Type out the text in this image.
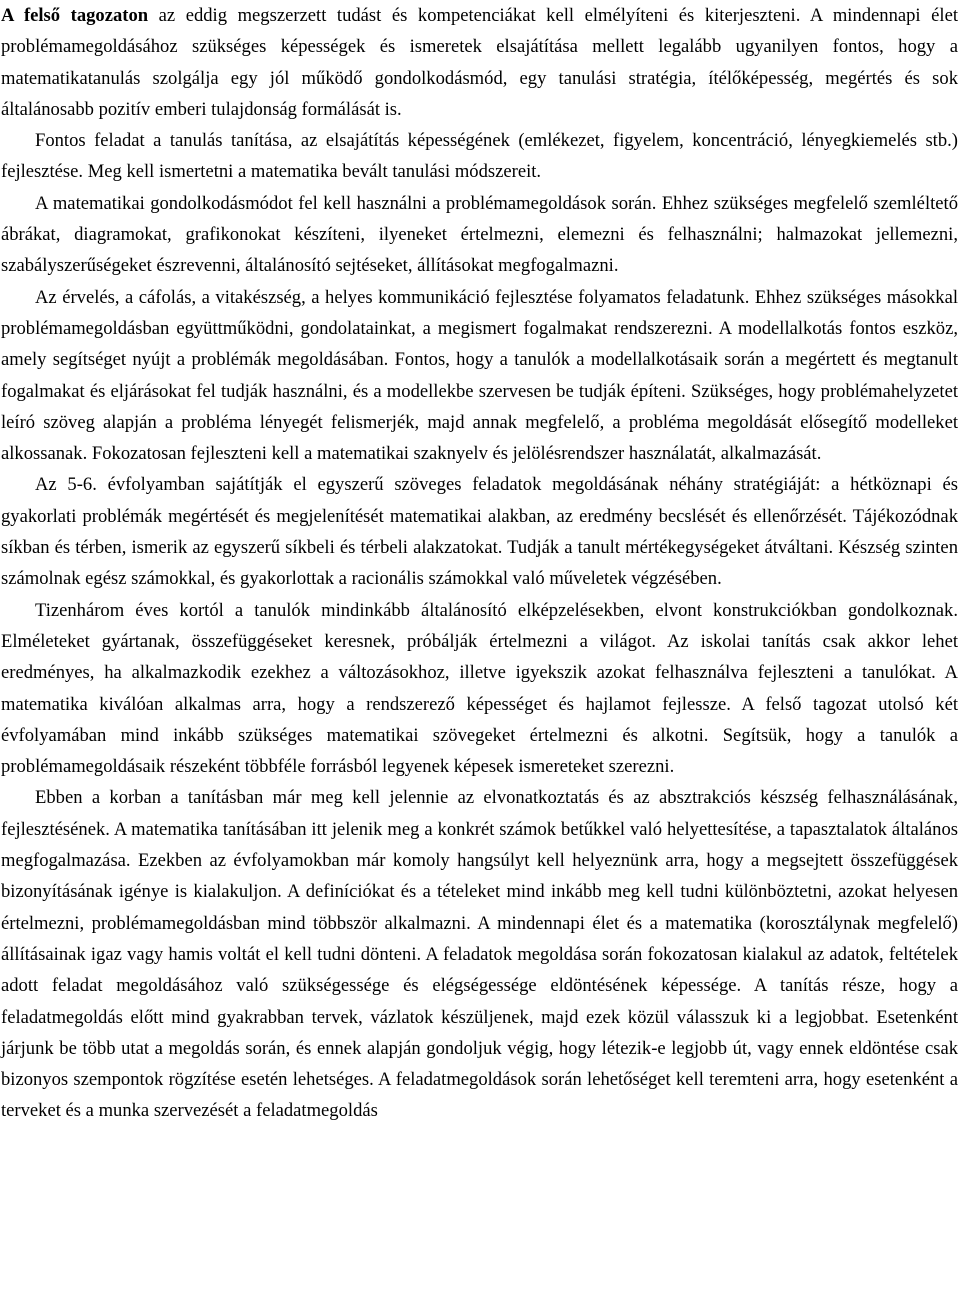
A felső tagozaton az eddig megszerzett tudást és kompetenciákat kell elmélyíteni és kiterjeszteni. A mindennapi élet problémamegoldásához szükséges képességek és ismeretek elsajátítása mellett legalább ugyanilyen fontos, hogy a matematikatanulás szolgálja egy jól működő gondolkodásmód, egy tanulási stratégia, ítélőképesség, megértés és sok általánosabb pozitív emberi tulajdonság formálását is.

Fontos feladat a tanulás tanítása, az elsajátítás képességének (emlékezet, figyelem, koncentráció, lényegkiemelés stb.) fejlesztése. Meg kell ismertetni a matematika bevált tanulási módszereit.

A matematikai gondolkodásmódot fel kell használni a problémamegoldások során. Ehhez szükséges megfelelő szemléltető ábrákat, diagramokat, grafikonokat készíteni, ilyeneket értelmezni, elemezni és felhasználni; halmazokat jellemezni, szabályszerűségeket észrevenni, általánosító sejtéseket, állításokat megfogalmazni.

Az érvelés, a cáfolás, a vitakészség, a helyes kommunikáció fejlesztése folyamatos feladatunk. Ehhez szükséges másokkal problémamegoldásban együttműködni, gondolatainkat, a megismert fogalmakat rendszerezni. A modellalkotás fontos eszköz, amely segítséget nyújt a problémák megoldásában. Fontos, hogy a tanulók a modellalkotásaik során a megértett és megtanult fogalmakat és eljárásokat fel tudják használni, és a modellekbe szervesen be tudják építeni. Szükséges, hogy problémahelyzetet leíró szöveg alapján a probléma lényegét felismerjék, majd annak megfelelő, a probléma megoldását elősegítő modelleket alkossanak. Fokozatosan fejleszteni kell a matematikai szaknyelv és jelölésrendszer használatát, alkalmazását.

Az 5-6. évfolyamban sajátítják el egyszerű szöveges feladatok megoldásának néhány stratégiáját: a hétköznapi és gyakorlati problémák megértését és megjelenítését matematikai alakban, az eredmény becslését és ellenőrzését. Tájékozódnak síkban és térben, ismerik az egyszerű síkbeli és térbeli alakzatokat. Tudják a tanult mértékegységeket átváltani. Készség szinten számolnak egész számokkal, és gyakorlottak a racionális számokkal való műveletek végzésében.

Tizenhárom éves kortól a tanulók mindinkább általánosító elképzelésekben, elvont konstrukciókban gondolkoznak. Elméleteket gyártanak, összefüggéseket keresnek, próbálják értelmezni a világot. Az iskolai tanítás csak akkor lehet eredményes, ha alkalmazkodik ezekhez a változásokhoz, illetve igyekszik azokat felhasználva fejleszteni a tanulókat. A matematika kiválóan alkalmas arra, hogy a rendszerező képességet és hajlamot fejlessze. A felső tagozat utolsó két évfolyamában mind inkább szükséges matematikai szövegeket értelmezni és alkotni. Segítsük, hogy a tanulók a problémamegoldásaik részeként többféle forrásból legyenek képesek ismereteket szerezni.

Ebben a korban a tanításban már meg kell jelennie az elvonatkoztatás és az absztrakciós készség felhasználásának, fejlesztésének. A matematika tanításában itt jelenik meg a konkrét számok betűkkel való helyettesítése, a tapasztalatok általános megfogalmazása. Ezekben az évfolyamokban már komoly hangsúlyt kell helyeznünk arra, hogy a megsejtett összefüggések bizonyításának igénye is kialakuljon. A definíciókat és a tételeket mind inkább meg kell tudni különböztetni, azokat helyesen értelmezni, problémamegoldásban mind többször alkalmazni. A mindennapi élet és a matematika (korosztálynak megfelelő) állításainak igaz vagy hamis voltát el kell tudni dönteni. A feladatok megoldása során fokozatosan kialakul az adatok, feltételek adott feladat megoldásához való szükségessége és elégségessége eldöntésének képessége. A tanítás része, hogy a feladatmegoldás előtt mind gyakrabban tervek, vázlatok készüljenek, majd ezek közül válasszuk ki a legjobbat. Esetenként járjunk be több utat a megoldás során, és ennek alapján gondoljuk végig, hogy létezik-e legjobb út, vagy ennek eldöntése csak bizonyos szempontok rögzítése esetén lehetséges. A feladatmegoldások során lehetőséget kell teremteni arra, hogy esetenként a terveket és a munka szervezését a feladatmegoldás
